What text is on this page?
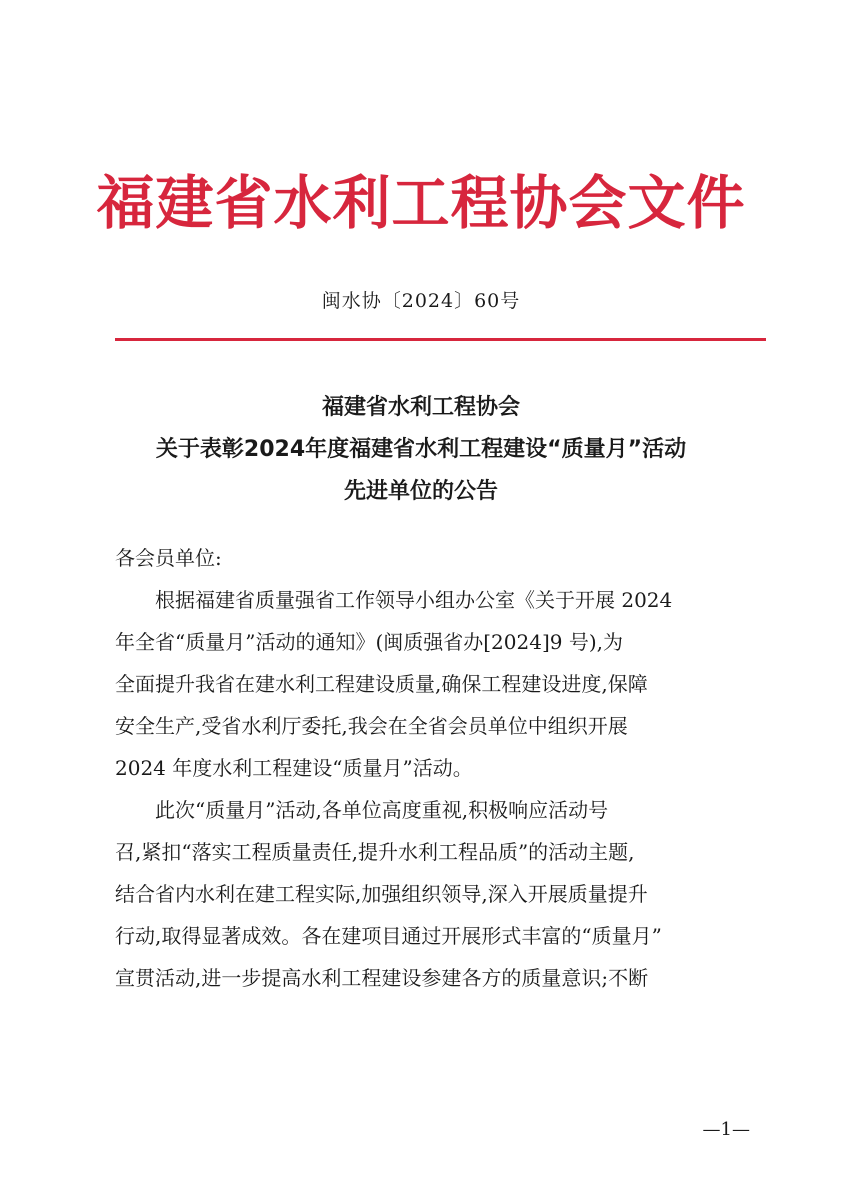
福建省水利工程协会文件
闽水协〔2024〕60号
福建省水利工程协会
关于表彰2024年度福建省水利工程建设“质量月”活动
先进单位的公告
各会员单位:
根据福建省质量强省工作领导小组办公室《关于开展 2024
年全省“质量月”活动的通知》(闽质强省办[2024]9 号),为
全面提升我省在建水利工程建设质量,确保工程建设进度,保障
安全生产,受省水利厅委托,我会在全省会员单位中组织开展
2024 年度水利工程建设“质量月”活动。
此次“质量月”活动,各单位高度重视,积极响应活动号
召,紧扣“落实工程质量责任,提升水利工程品质”的活动主题,
结合省内水利在建工程实际,加强组织领导,深入开展质量提升
行动,取得显著成效。各在建项目通过开展形式丰富的“质量月”
宣贯活动,进一步提高水利工程建设参建各方的质量意识;不断
—1—
